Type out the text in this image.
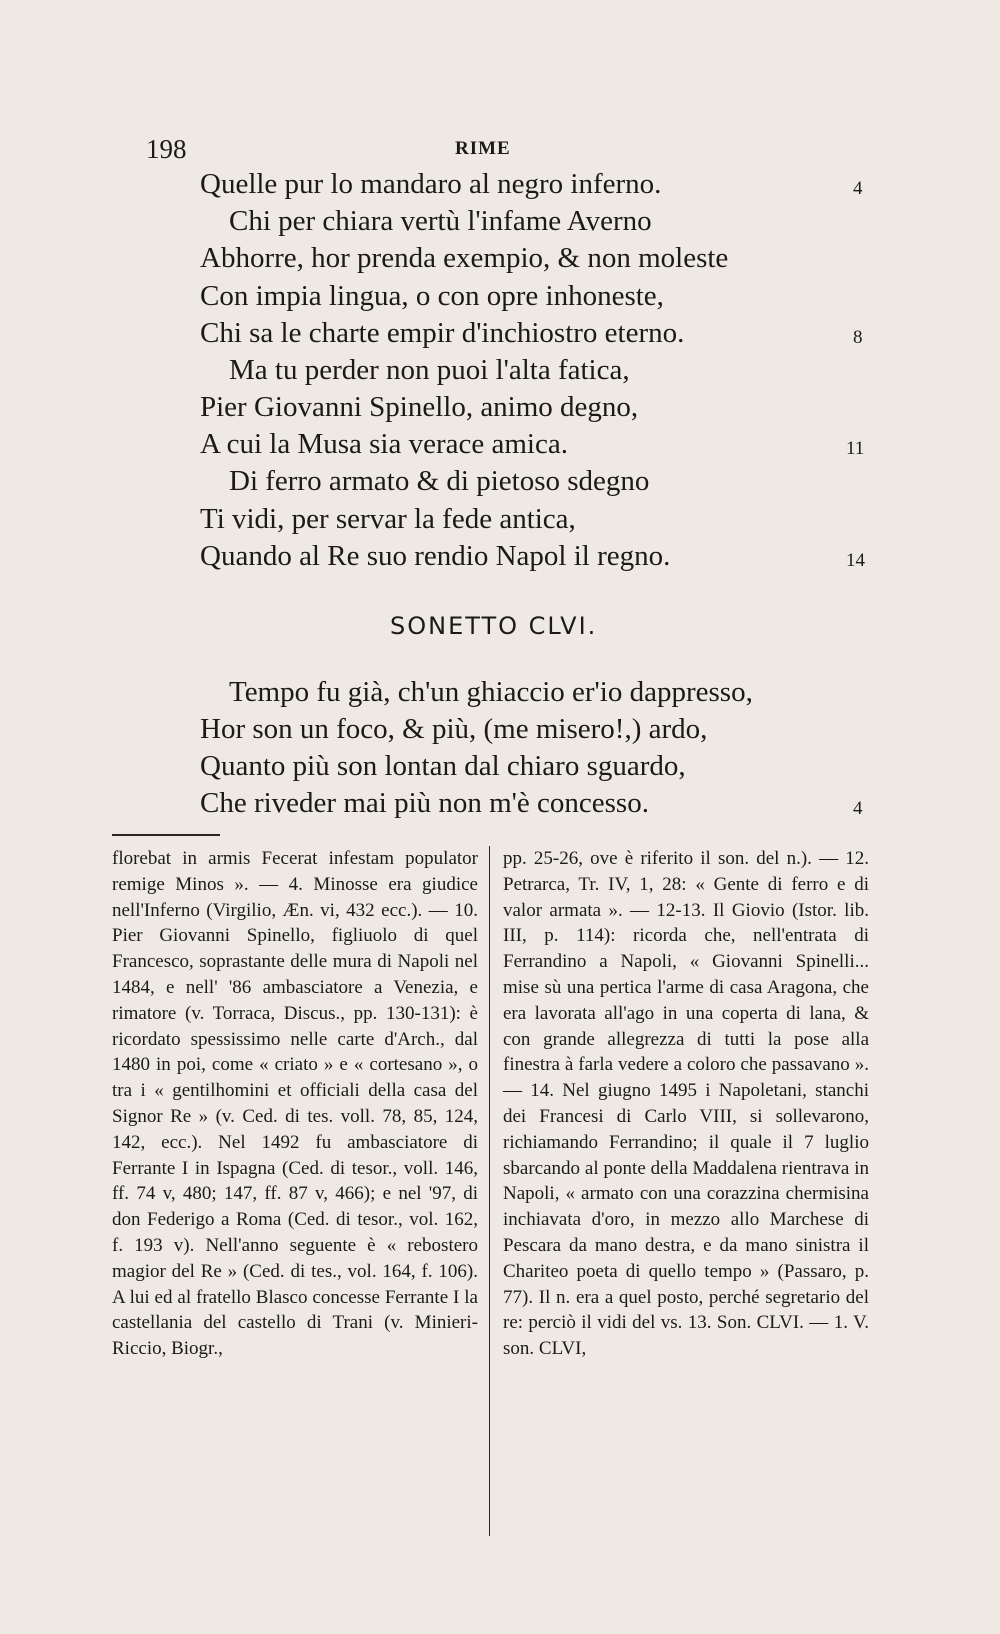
198	RIME
Quelle pur lo mandaro al negro inferno.
Chi per chiara vertù l'infame Averno
Abhorre, hor prenda exempio, & non moleste
Con impia lingua, o con opre inhoneste,
Chi sa le charte empir d'inchiostro eterno.
Ma tu perder non puoi l'alta fatica,
Pier Giovanni Spinello, animo degno,
A cui la Musa sia verace amica.
Di ferro armato & di pietoso sdegno
Ti vidi, per servar la fede antica,
Quando al Re suo rendio Napol il regno.
4
8
11
14
SONETTO CLVI.
Tempo fu già, ch'un ghiaccio er'io dappresso,
Hor son un foco, & più, (me misero!,) ardo,
Quanto più son lontan dal chiaro sguardo,
Che riveder mai più non m'è concesso.	4

florebat in armis Fecerat infestam populator remige Minos ». — 4. Minosse era giudice nell'Inferno (Virgilio, Æn. vi, 432 ecc.). — 10. Pier Giovanni Spinello, figliuolo di quel Francesco, soprastante delle mura di Napoli nel 1484, e nell' '86 ambasciatore a Venezia, e rimatore (v. Torraca, Discus., pp. 130-131): è ricordato spessissimo nelle carte d'Arch., dal 1480 in poi, come « criato » e « cortesano », o tra i « gentilhomini et officiali della casa del Signor Re » (v. Ced. di tes. voll. 78, 85, 124, 142, ecc.). Nel 1492 fu ambasciatore di Ferrante I in Ispagna (Ced. di tesor., voll. 146, ff. 74 v, 480; 147, ff. 87 v, 466); e nel '97, di don Federigo a Roma (Ced. di tesor., vol. 162, f. 193 v). Nell'anno seguente è « rebostero magior del Re » (Ced. di tes., vol. 164, f. 106). A lui ed al fratello Blasco concesse Ferrante I la castellania del castello di Trani (v. Minieri-Riccio, Biogr.,

pp. 25-26, ove è riferito il son. del n.). — 12. Petrarca, Tr. IV, 1, 28: « Gente di ferro e di valor armata ». — 12-13. Il Giovio (Istor. lib. III, p. 114): ricorda che, nell'entrata di Ferrandino a Napoli, « Giovanni Spinelli... mise sù una pertica l'arme di casa Aragona, che era lavorata all'ago in una coperta di lana, & con grande allegrezza di tutti la pose alla finestra à farla vedere a coloro che passavano ». — 14. Nel giugno 1495 i Napoletani, stanchi dei Francesi di Carlo VIII, si sollevarono, richiamando Ferrandino; il quale il 7 luglio sbarcando al ponte della Maddalena rientrava in Napoli, « armato con una corazzina chermisina inchiavata d'oro, in mezzo allo Marchese di Pescara da mano destra, e da mano sinistra il Chariteo poeta di quello tempo » (Passaro, p. 77). Il n. era a quel posto, perché segretario del re: perciò il vidi del vs. 13. Son. CLVI. — 1. V. son. CLVI,
